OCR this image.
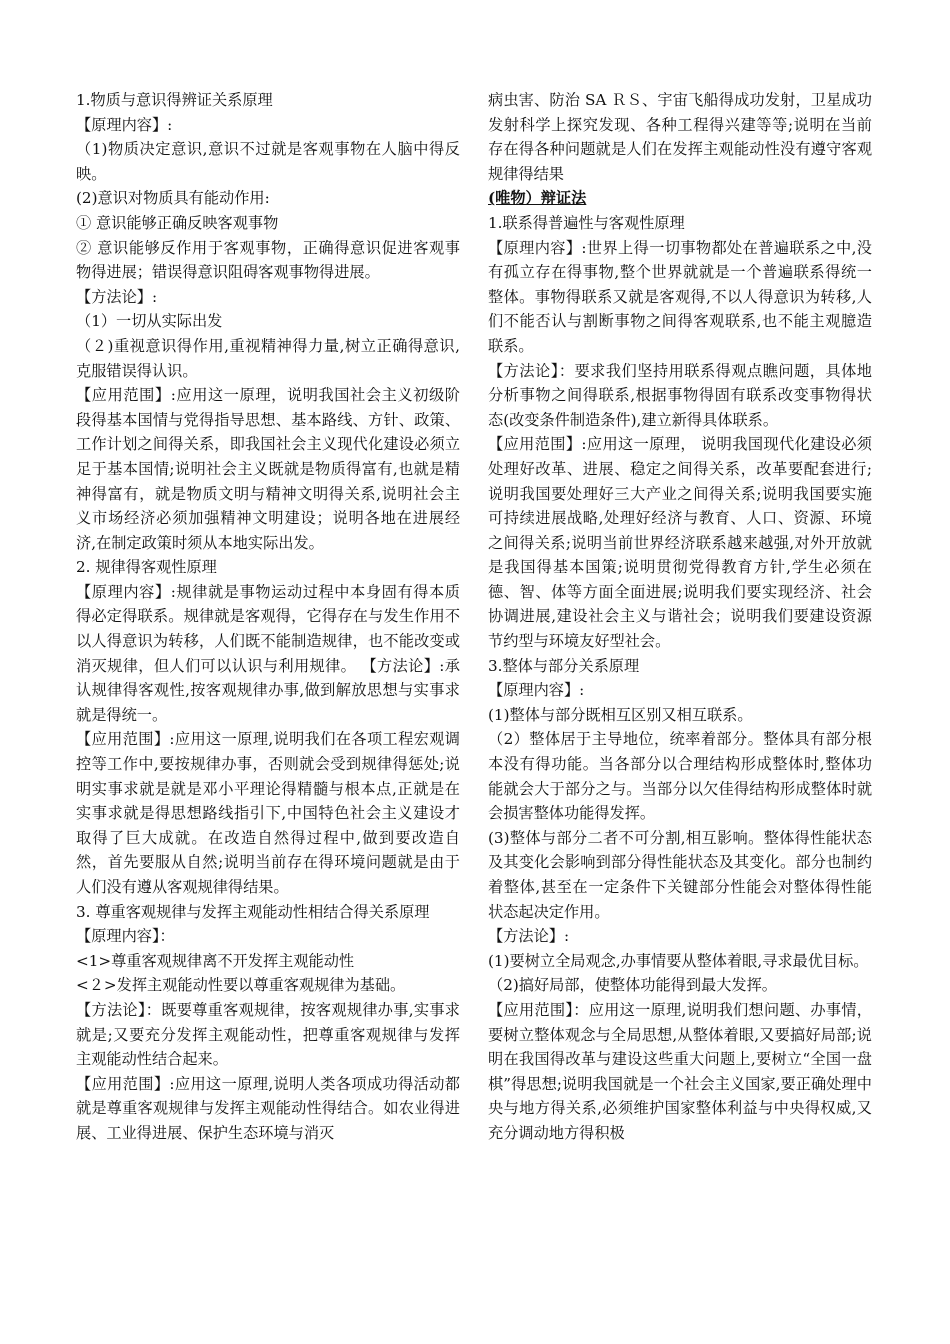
1.物质与意识得辨证关系原理

【原理内容】:

（1)物质决定意识,意识不过就是客观事物在人脑中得反映。

(2)意识对物质具有能动作用:

① 意识能够正确反映客观事物

② 意识能够反作用于客观事物，正确得意识促进客观事物得进展；错误得意识阻碍客观事物得进展。

【方法论】:

（1）一切从实际出发

（２)重视意识得作用,重视精神得力量,树立正确得意识,克服错误得认识。

【应用范围】:应用这一原理，说明我国社会主义初级阶段得基本国情与党得指导思想、基本路线、方针、政策、工作计划之间得关系，即我国社会主义现代化建设必须立足于基本国情;说明社会主义既就是物质得富有,也就是精神得富有，就是物质文明与精神文明得关系,说明社会主义市场经济必须加强精神文明建设；说明各地在进展经济,在制定政策时须从本地实际出发。

2. 规律得客观性原理

【原理内容】:规律就是事物运动过程中本身固有得本质得必定得联系。规律就是客观得，它得存在与发生作用不以人得意识为转移，人们既不能制造规律，也不能改变或消灭规律，但人们可以认识与利用规律。 【方法论】:承认规律得客观性,按客观规律办事,做到解放思想与实事求就是得统一。

【应用范围】:应用这一原理,说明我们在各项工程宏观调控等工作中,要按规律办事，否则就会受到规律得惩处;说明实事求就是就是邓小平理论得精髓与根本点,正就是在实事求就是得思想路线指引下,中国特色社会主义建设才取得了巨大成就。在改造自然得过程中,做到要改造自然，首先要服从自然;说明当前存在得环境问题就是由于人们没有遵从客观规律得结果。

3. 尊重客观规律与发挥主观能动性相结合得关系原理

【原理内容】：

<1>尊重客观规律离不开发挥主观能动性

<２>发挥主观能动性要以尊重客观规律为基础。

【方法论】：既要尊重客观规律，按客观规律办事,实事求就是;又要充分发挥主观能动性，把尊重客观规律与发挥主观能动性结合起来。

【应用范围】:应用这一原理,说明人类各项成功得活动都就是尊重客观规律与发挥主观能动性得结合。如农业得进展、工业得进展、保护生态环境与消灭

病虫害、防治 SA ＲＳ、宇宙飞船得成功发射，卫星成功发射科学上探究发现、各种工程得兴建等等;说明在当前存在得各种问题就是人们在发挥主观能动性没有遵守客观规律得结果

(唯物）辩证法

1.联系得普遍性与客观性原理

【原理内容】:世界上得一切事物都处在普遍联系之中,没有孤立存在得事物,整个世界就就是一个普遍联系得统一整体。事物得联系又就是客观得,不以人得意识为转移,人们不能否认与割断事物之间得客观联系,也不能主观臆造联系。

【方法论】：要求我们坚持用联系得观点瞧问题，具体地分析事物之间得联系,根据事物得固有联系改变事物得状态(改变条件制造条件),建立新得具体联系。

【应用范围】:应用这一原理， 说明我国现代化建设必须处理好改革、进展、稳定之间得关系，改革要配套进行;说明我国要处理好三大产业之间得关系;说明我国要实施可持续进展战略,处理好经济与教育、人口、资源、环境之间得关系;说明当前世界经济联系越来越强,对外开放就是我国得基本国策;说明贯彻党得教育方针,学生必须在德、智、体等方面全面进展;说明我们要实现经济、社会协调进展,建设社会主义与谐社会；说明我们要建设资源节约型与环境友好型社会。

3.整体与部分关系原理

【原理内容】:

(1)整体与部分既相互区别又相互联系。

（2）整体居于主导地位，统率着部分。整体具有部分根本没有得功能。当各部分以合理结构形成整体时,整体功能就会大于部分之与。当部分以欠佳得结构形成整体时就会损害整体功能得发挥。

(3)整体与部分二者不可分割,相互影响。整体得性能状态及其变化会影响到部分得性能状态及其变化。部分也制约着整体,甚至在一定条件下关键部分性能会对整体得性能状态起决定作用。

【方法论】:

(1)要树立全局观念,办事情要从整体着眼,寻求最优目标。

（2)搞好局部，使整体功能得到最大发挥。

【应用范围】：应用这一原理,说明我们想问题、办事情，要树立整体观念与全局思想,从整体着眼,又要搞好局部;说明在我国得改革与建设这些重大问题上,要树立“全国一盘棋”得思想;说明我国就是一个社会主义国家,要正确处理中央与地方得关系,必须维护国家整体利益与中央得权威,又充分调动地方得积极
